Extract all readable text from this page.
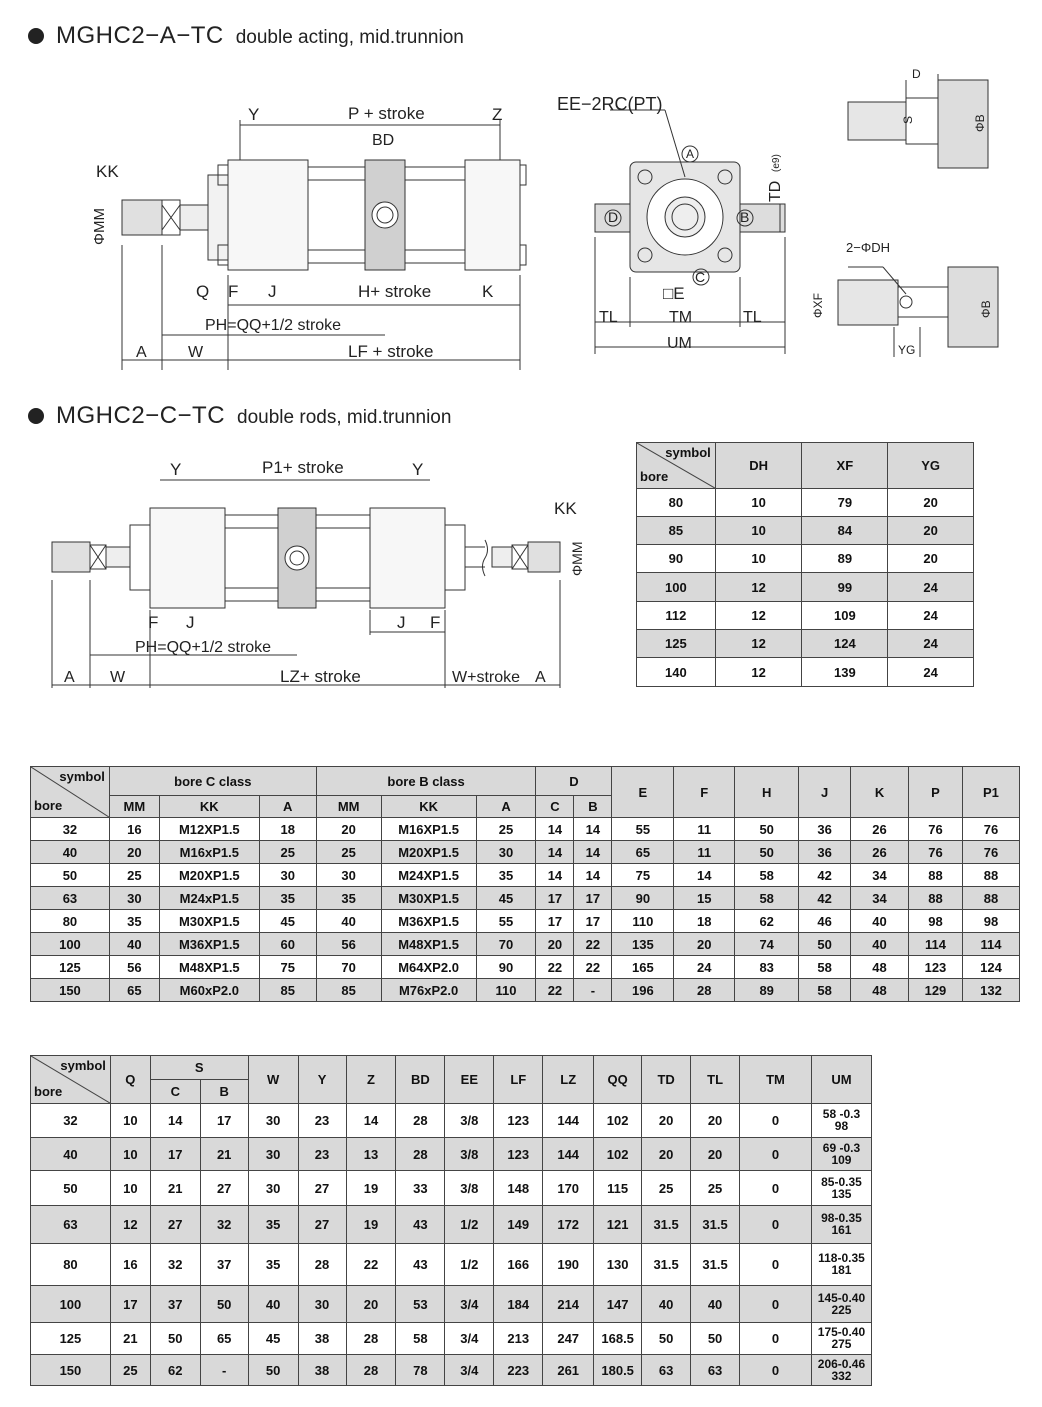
MGHC2−A−TC double acting, mid.trunnion
Y	P + stroke	Z
BD
KK
ΦMM
Q F J	H+ stroke	K
PH=QQ+1/2 stroke
A	W	LF + stroke
EE−2RC(PT)
A
D	B
C
TD
(e9)
□E
TL	TM	TL
UM
D
S	ΦB
2−ΦDH
ΦXF	ΦB
YG
MGHC2−C−TC double rods, mid.trunnion
Y	P1+ stroke	Y
KK
ΦMM
F J	J F
PH=QQ+1/2 stroke
A W	LZ+ stroke	W+stroke A
symbol
bore	DH	XF	YG
80	10	79	20
85	10	84	20
90	10	89	20
100	12	99	24
112	12	109	24
125	12	124	24
140	12	139	24
symbol
bore	bore C class			bore B class			D		E	F	H	J	K	P	P1
	MM	KK	A	MM	KK	A	C	B							
32	16	M12XP1.5	18	20	M16XP1.5	25	14	14	55	11	50	36	26	76	76
40	20	M16xP1.5	25	25	M20XP1.5	30	14	14	65	11	50	36	26	76	76
50	25	M20XP1.5	30	30	M24XP1.5	35	14	14	75	14	58	42	34	88	88
63	30	M24xP1.5	35	35	M30XP1.5	45	17	17	90	15	58	42	34	88	88
80	35	M30XP1.5	45	40	M36XP1.5	55	17	17	110	18	62	46	40	98	98
100	40	M36XP1.5	60	56	M48XP1.5	70	20	22	135	20	74	50	40	114	114
125	56	M48XP1.5	75	70	M64XP2.0	90	22	22	165	24	83	58	48	123	124
150	65	M60xP2.0	85	85	M76xP2.0	110	22	-	196	28	89	58	48	129	132
symbol
bore	Q	S		W	Y	Z	BD	EE	LF	LZ	QQ	TD	TL	TM	UM
		C	B												
32	10	14	17	30	23	14	28	3/8	123	144	102	20	20	0	58 -0.3
98

40	10	17	21	30	23	13	28	3/8	123	144	102	20	20	0	69 -0.3
109

50	10	21	27	30	27	19	33	3/8	148	170	115	25	25	0	85-0.35
135

63	12	27	32	35	27	19	43	1/2	149	172	121	31.5	31.5	0	98-0.35
161

80	16	32	37	35	28	22	43	1/2	166	190	130	31.5	31.5	0	118-0.35
181

100	17	37	50	40	30	20	53	3/4	184	214	147	40	40	0	145-0.40
225

125	21	50	65	45	38	28	58	3/4	213	247	168.5	50	50	0	175-0.40
275

150	25	62	-	50	38	28	78	3/4	223	261	180.5	63	63	0	206-0.46
332
